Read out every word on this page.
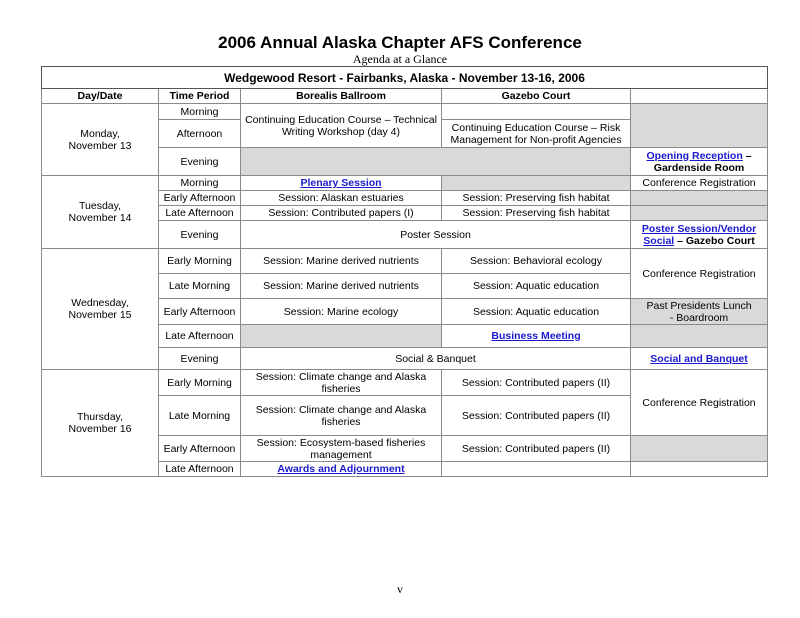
2006 Annual Alaska Chapter AFS Conference
Agenda at a Glance
Wedgewood Resort - Fairbanks, Alaska - November 13-16, 2006				
Day/Date	Time Period	Borealis Ballroom	Gazebo Court	
Monday,
November 13	Morning	Continuing Education Course – Technical Writing Workshop (day 4)		
	Afternoon		Continuing Education Course – Risk Management for Non-profit Agencies	
	Evening			Opening Reception –
Gardenside Room
Tuesday,
November 14	Morning	Plenary Session		Conference Registration
	Early Afternoon	Session: Alaskan estuaries	Session: Preserving fish habitat	
	Late Afternoon	Session: Contributed papers (I)	Session: Preserving fish habitat	
	Evening	Poster Session		Poster Session/Vendor
Social – Gazebo Court
Wednesday,
November 15	Early Morning	Session: Marine derived nutrients	Session: Behavioral ecology	Conference Registration
	Late Morning	Session: Marine derived nutrients	Session: Aquatic education	
	Early Afternoon	Session: Marine ecology	Session: Aquatic education	Past Presidents Lunch
- Boardroom
	Late Afternoon		Business Meeting	
	Evening	Social & Banquet		Social and Banquet
Thursday,
November 16	Early Morning	Session: Climate change and Alaska fisheries	Session: Contributed papers (II)	Conference Registration
	Late Morning	Session: Climate change and Alaska fisheries	Session: Contributed papers (II)	
	Early Afternoon	Session: Ecosystem-based fisheries management	Session: Contributed papers (II)	
	Late Afternoon	Awards and Adjournment		
v
